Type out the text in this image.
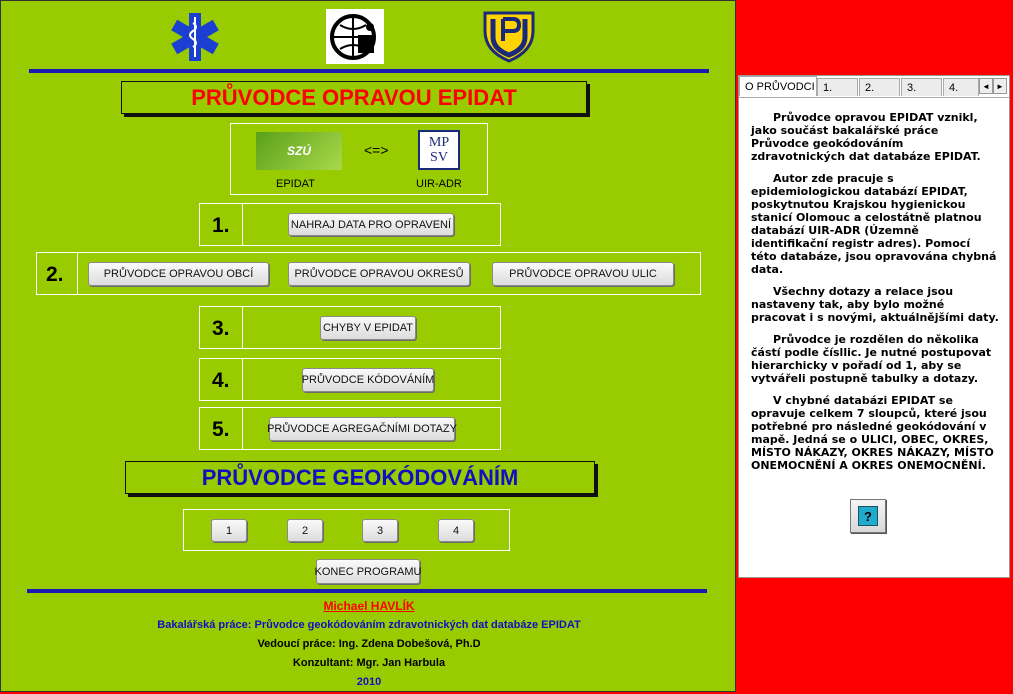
PRŮVODCE OPRAVOU EPIDAT
SZÚ	<=>	MP
SV
EPIDAT	UIR-ADR
1.	NAHRAJ DATA PRO OPRAVENÍ
2.	PRŮVODCE OPRAVOU OBCÍ	PRŮVODCE OPRAVOU OKRESŮ	PRŮVODCE OPRAVOU ULIC
3.	CHYBY V EPIDAT
4.	PRŮVODCE KÓDOVÁNÍM
5.	PRŮVODCE AGREGAČNÍMI DOTAZY
PRŮVODCE GEOKÓDOVÁNÍM
1	2	3	4
KONEC PROGRAMU
Michael HAVLÍK
Bakalářská práce: Průvodce geokódováním zdravotnických dat databáze EPIDAT
Vedoucí práce: Ing. Zdena Dobešová, Ph.D
Konzultant: Mgr. Jan Harbula
2010
O PRŮVODCI 1.	2.	3.	4.	◄ ►

Průvodce opravou EPIDAT vznikl, jako součást bakalářské práce Průvodce geokódováním zdravotnických dat databáze EPIDAT.

Autor zde pracuje s epidemiologickou databází EPIDAT, poskytnutou Krajskou hygienickou stanicí Olomouc a celostátně platnou databází UIR-ADR (Územně identifikační registr adres). Pomocí této databáze, jsou opravována chybná data.

Všechny dotazy a relace jsou nastaveny tak, aby bylo možné pracovat i s novými, aktuálnějšími daty.

Průvodce je rozdělen do několika částí podle čísllic. Je nutné postupovat hierarchicky v pořadí od 1, aby se vytvářeli postupně tabulky a dotazy.

V chybné databázi EPIDAT se opravuje celkem 7 sloupců, které jsou potřebné pro následné geokódování v mapě. Jedná se o ULICI, OBEC, OKRES, MÍSTO NÁKAZY, OKRES NÁKAZY, MÍSTO ONEMOCNĚNÍ A OKRES ONEMOCNĚNÍ.

?
